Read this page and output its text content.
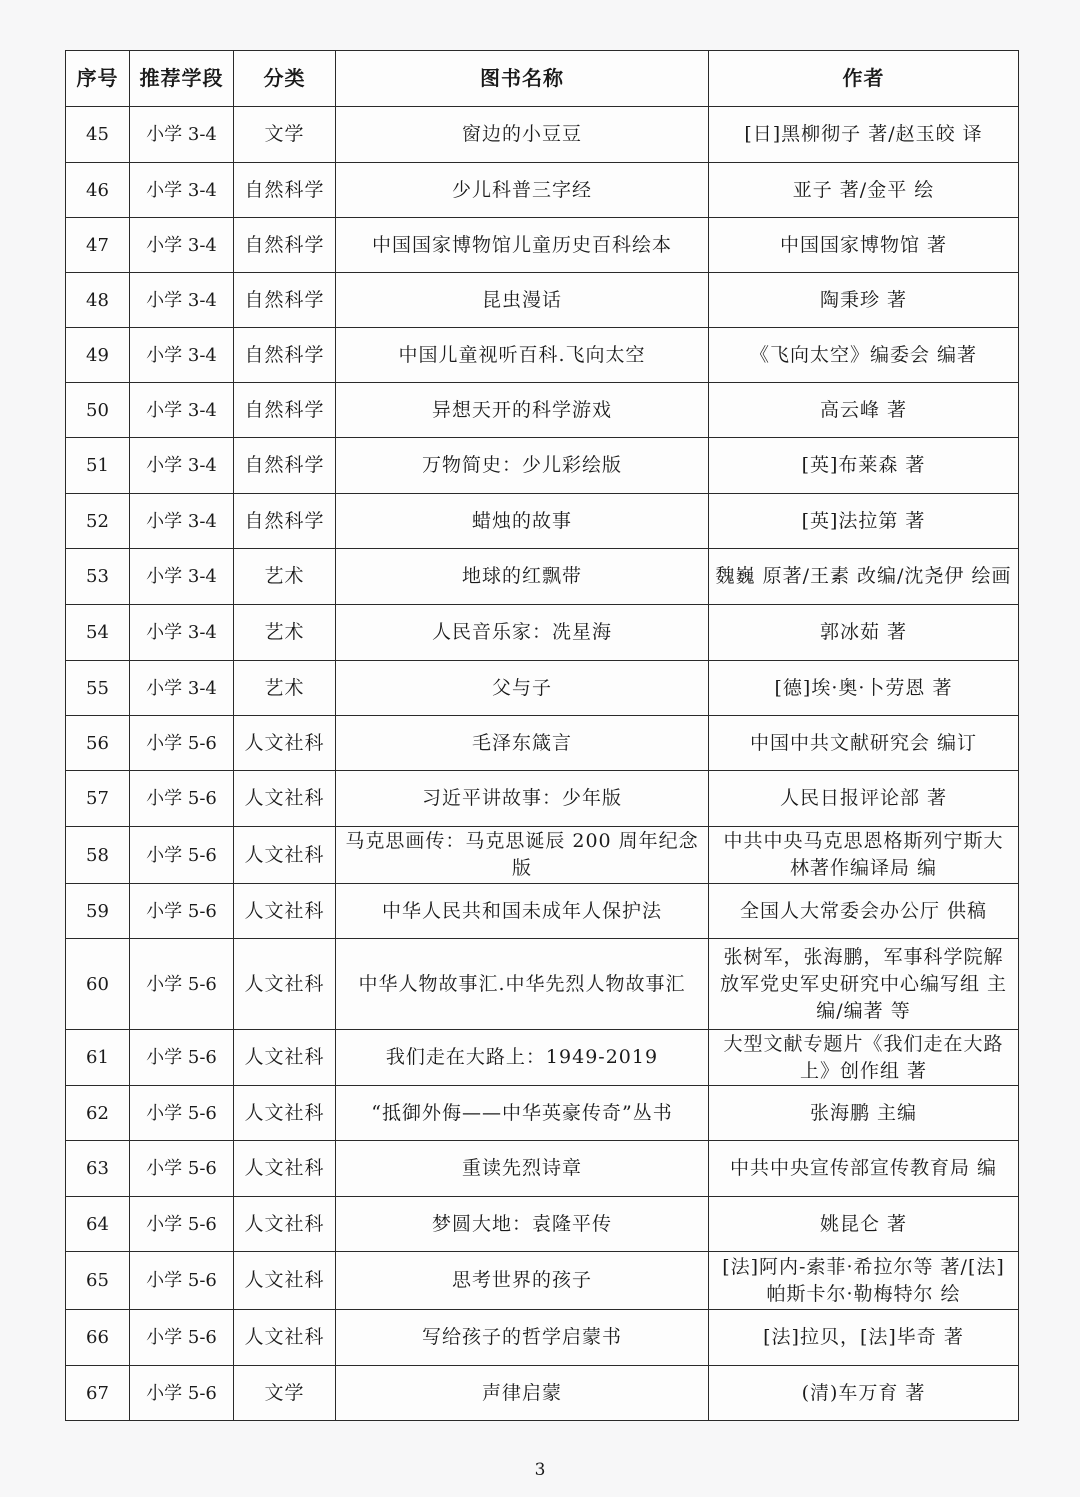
序号	推荐学段	分类	图书名称	作者
45	小学 3-4	文学	窗边的小豆豆	[日]黑柳彻子 著/赵玉皎 译
46	小学 3-4	自然科学	少儿科普三字经	亚子 著/金平 绘
47	小学 3-4	自然科学	中国国家博物馆儿童历史百科绘本	中国国家博物馆 著
48	小学 3-4	自然科学	昆虫漫话	陶秉珍 著
49	小学 3-4	自然科学	中国儿童视听百科.飞向太空	《飞向太空》编委会 编著
50	小学 3-4	自然科学	异想天开的科学游戏	高云峰 著
51	小学 3-4	自然科学	万物简史：少儿彩绘版	[英]布莱森 著
52	小学 3-4	自然科学	蜡烛的故事	[英]法拉第 著
53	小学 3-4	艺术	地球的红飘带	魏巍 原著/王素 改编/沈尧伊 绘画
54	小学 3-4	艺术	人民音乐家：冼星海	郭冰茹 著
55	小学 3-4	艺术	父与子	[德]埃·奥·卜劳恩 著
56	小学 5-6	人文社科	毛泽东箴言	中国中共文献研究会 编订
57	小学 5-6	人文社科	习近平讲故事：少年版	人民日报评论部 著
58	小学 5-6	人文社科	马克思画传：马克思诞辰 200 周年纪念版	中共中央马克思恩格斯列宁斯大林著作编译局 编
59	小学 5-6	人文社科	中华人民共和国未成年人保护法	全国人大常委会办公厅 供稿
60	小学 5-6	人文社科	中华人物故事汇.中华先烈人物故事汇	张树军，张海鹏，军事科学院解放军党史军史研究中心编写组 主编/编著 等
61	小学 5-6	人文社科	我们走在大路上：1949-2019	大型文献专题片《我们走在大路上》创作组 著
62	小学 5-6	人文社科	“抵御外侮——中华英豪传奇”丛书	张海鹏 主编
63	小学 5-6	人文社科	重读先烈诗章	中共中央宣传部宣传教育局 编
64	小学 5-6	人文社科	梦圆大地：袁隆平传	姚昆仑 著
65	小学 5-6	人文社科	思考世界的孩子	[法]阿内-索菲·希拉尔等 著/[法]帕斯卡尔·勒梅特尔 绘
66	小学 5-6	人文社科	写给孩子的哲学启蒙书	[法]拉贝，[法]毕奇 著
67	小学 5-6	文学	声律启蒙	(清)车万育 著
3
